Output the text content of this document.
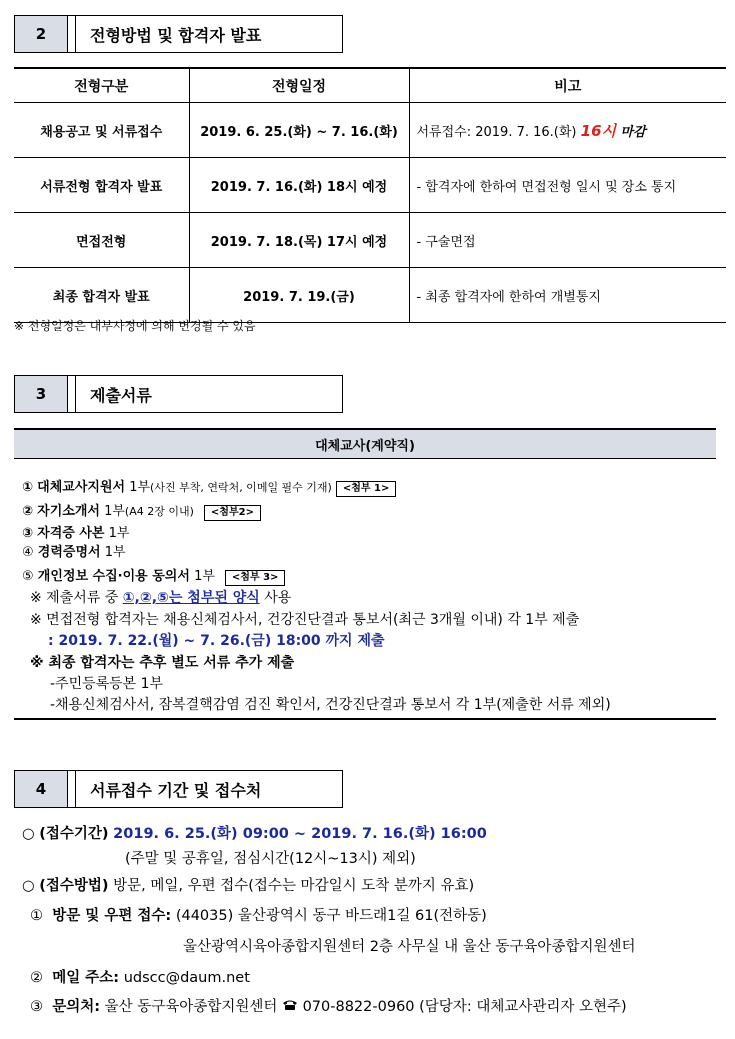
2	전형방법 및 합격자 발표
전형구분	전형일정	비고
채용공고 및 서류접수	2019. 6. 25.(화) ~ 7. 16.(화)	서류접수: 2019. 7. 16.(화) 16시 마감
서류전형 합격자 발표	2019. 7. 16.(화) 18시 예정	- 합격자에 한하여 면접전형 일시 및 장소 통지
면접전형	2019. 7. 18.(목) 17시 예정	- 구술면접
최종 합격자 발표	2019. 7. 19.(금)	- 최종 합격자에 한하여 개별통지
※ 전형일정은 내부사정에 의해 변경될 수 있음
3	제출서류
대체교사(계약직)
① 대체교사지원서 1부(사진 부착, 연락처, 이메일 필수 기재) <첨부 1>
② 자기소개서 1부(A4 2장 이내) <첨부2>
③ 자격증 사본 1부
④ 경력증명서 1부
⑤ 개인정보 수집·이용 동의서 1부 <첨부 3>
※ 제출서류 중 ①,②,⑤는 첨부된 양식 사용
※ 면접전형 합격자는 채용신체검사서, 건강진단결과 통보서(최근 3개월 이내) 각 1부 제출
: 2019. 7. 22.(월) ~ 7. 26.(금) 18:00 까지 제출
※ 최종 합격자는 추후 별도 서류 추가 제출
-주민등록등본 1부
-채용신체검사서, 잠복결핵감염 검진 확인서, 건강진단결과 통보서 각 1부(제출한 서류 제외)
4	서류접수 기간 및 접수처
○ (접수기간) 2019. 6. 25.(화) 09:00 ~ 2019. 7. 16.(화) 16:00
(주말 및 공휴일, 점심시간(12시~13시) 제외)
○ (접수방법) 방문, 메일, 우편 접수(접수는 마감일시 도착 분까지 유효)
① 방문 및 우편 접수: (44035) 울산광역시 동구 바드래1길 61(전하동)
울산광역시육아종합지원센터 2층 사무실 내 울산 동구육아종합지원센터
② 메일 주소: udscc@daum.net
③ 문의처: 울산 동구육아종합지원센터 070-8822-0960 (담당자: 대체교사관리자 오현주)
